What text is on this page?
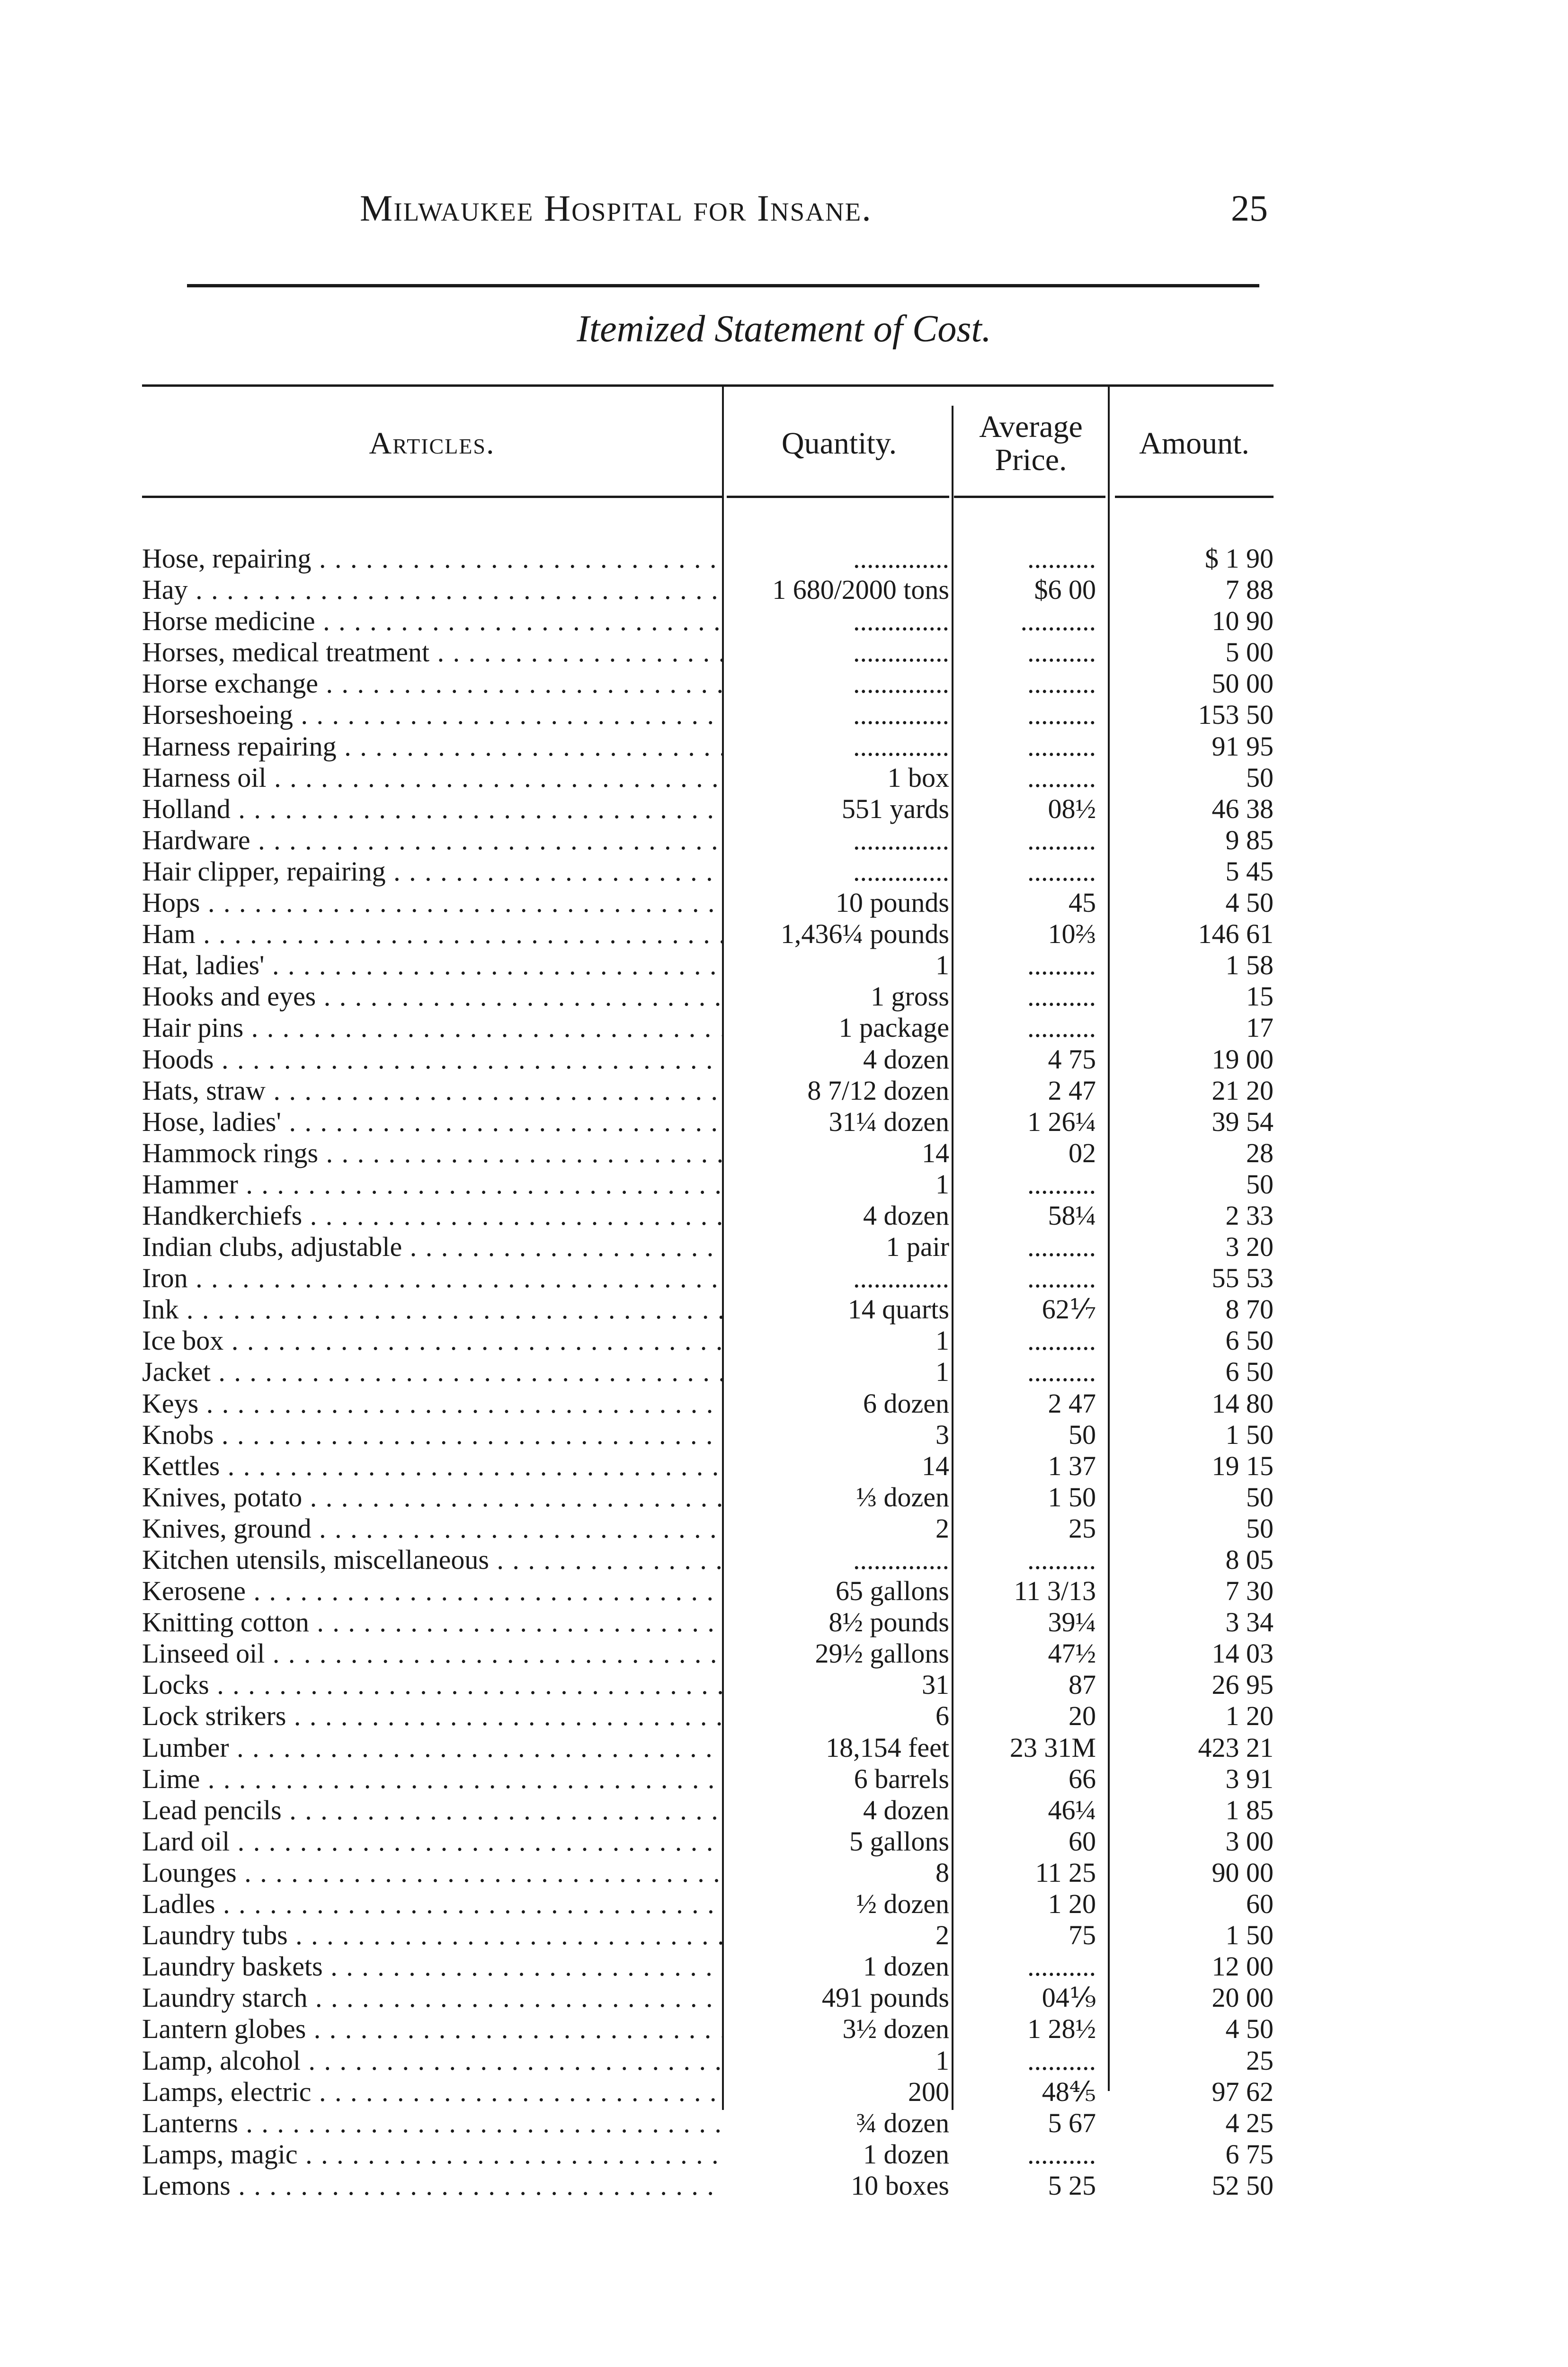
Milwaukee Hospital for Insane.	25
Itemized Statement of Cost.
Articles.	Quantity.	Average Price.	Amount.
Hose, repairing . . .	..............	..........	$ 1 90
Hay . . .	1 680/2000 tons	$6 00	7 88
Horse medicine . . .	..............	...........	10 90
Horses, medical treatment . . .	..............	..........	5 00
Horse exchange . . .	..............	..........	50 00
Horseshoeing . . .	..............	..........	153 50
Harness repairing . . .	..............	..........	91 95
Harness oil . . .	1 box	..........	50
Holland . . .	551 yards	08½	46 38
Hardware . . .	..............	..........	9 85
Hair clipper, repairing . . .	..............	..........	5 45
Hops . . .	10 pounds	45	4 50
Ham . . .	1,436¼ pounds	10⅔	146 61
Hat, ladies' . . .	1	..........	1 58
Hooks and eyes . . .	1 gross	..........	15
Hair pins . . .	1 package	..........	17
Hoods . . .	4 dozen	4 75	19 00
Hats, straw . . .	8 7/12 dozen	2 47	21 20
Hose, ladies' . . .	31¼ dozen	1 26¼	39 54
Hammock rings . . .	14	02	28
Hammer . . .	1	..........	50
Handkerchiefs . . .	4 dozen	58¼	2 33
Indian clubs, adjustable . . .	1 pair	..........	3 20
Iron . . .	..............	..........	55 53
Ink . . .	14 quarts	62⅐	8 70
Ice box . . .	1	..........	6 50
Jacket . . .	1	..........	6 50
Keys . . .	6 dozen	2 47	14 80
Knobs . . .	3	50	1 50
Kettles . . .	14	1 37	19 15
Knives, potato . . .	⅓ dozen	1 50	50
Knives, ground . . .	2	25	50
Kitchen utensils, miscellaneous . . .	..............	..........	8 05
Kerosene . . .	65 gallons	11 3/13	7 30
Knitting cotton . . .	8½ pounds	39¼	3 34
Linseed oil . . .	29½ gallons	47½	14 03
Locks . . .	31	87	26 95
Lock strikers . . .	6	20	1 20
Lumber . . .	18,154 feet	23 31M	423 21
Lime . . .	6 barrels	66	3 91
Lead pencils . . .	4 dozen	46¼	1 85
Lard oil . . .	5 gallons	60	3 00
Lounges . . .	8	11 25	90 00
Ladles . . .	½ dozen	1 20	60
Laundry tubs . . .	2	75	1 50
Laundry baskets . . .	1 dozen	..........	12 00
Laundry starch . . .	491 pounds	04⅑	20 00
Lantern globes . . .	3½ dozen	1 28½	4 50
Lamp, alcohol . . .	1	..........	25
Lamps, electric . . .	200	48⅘	97 62
Lanterns . . .	¾ dozen	5 67	4 25
Lamps, magic . . .	1 dozen	..........	6 75
Lemons . . .	10 boxes	5 25	52 50
